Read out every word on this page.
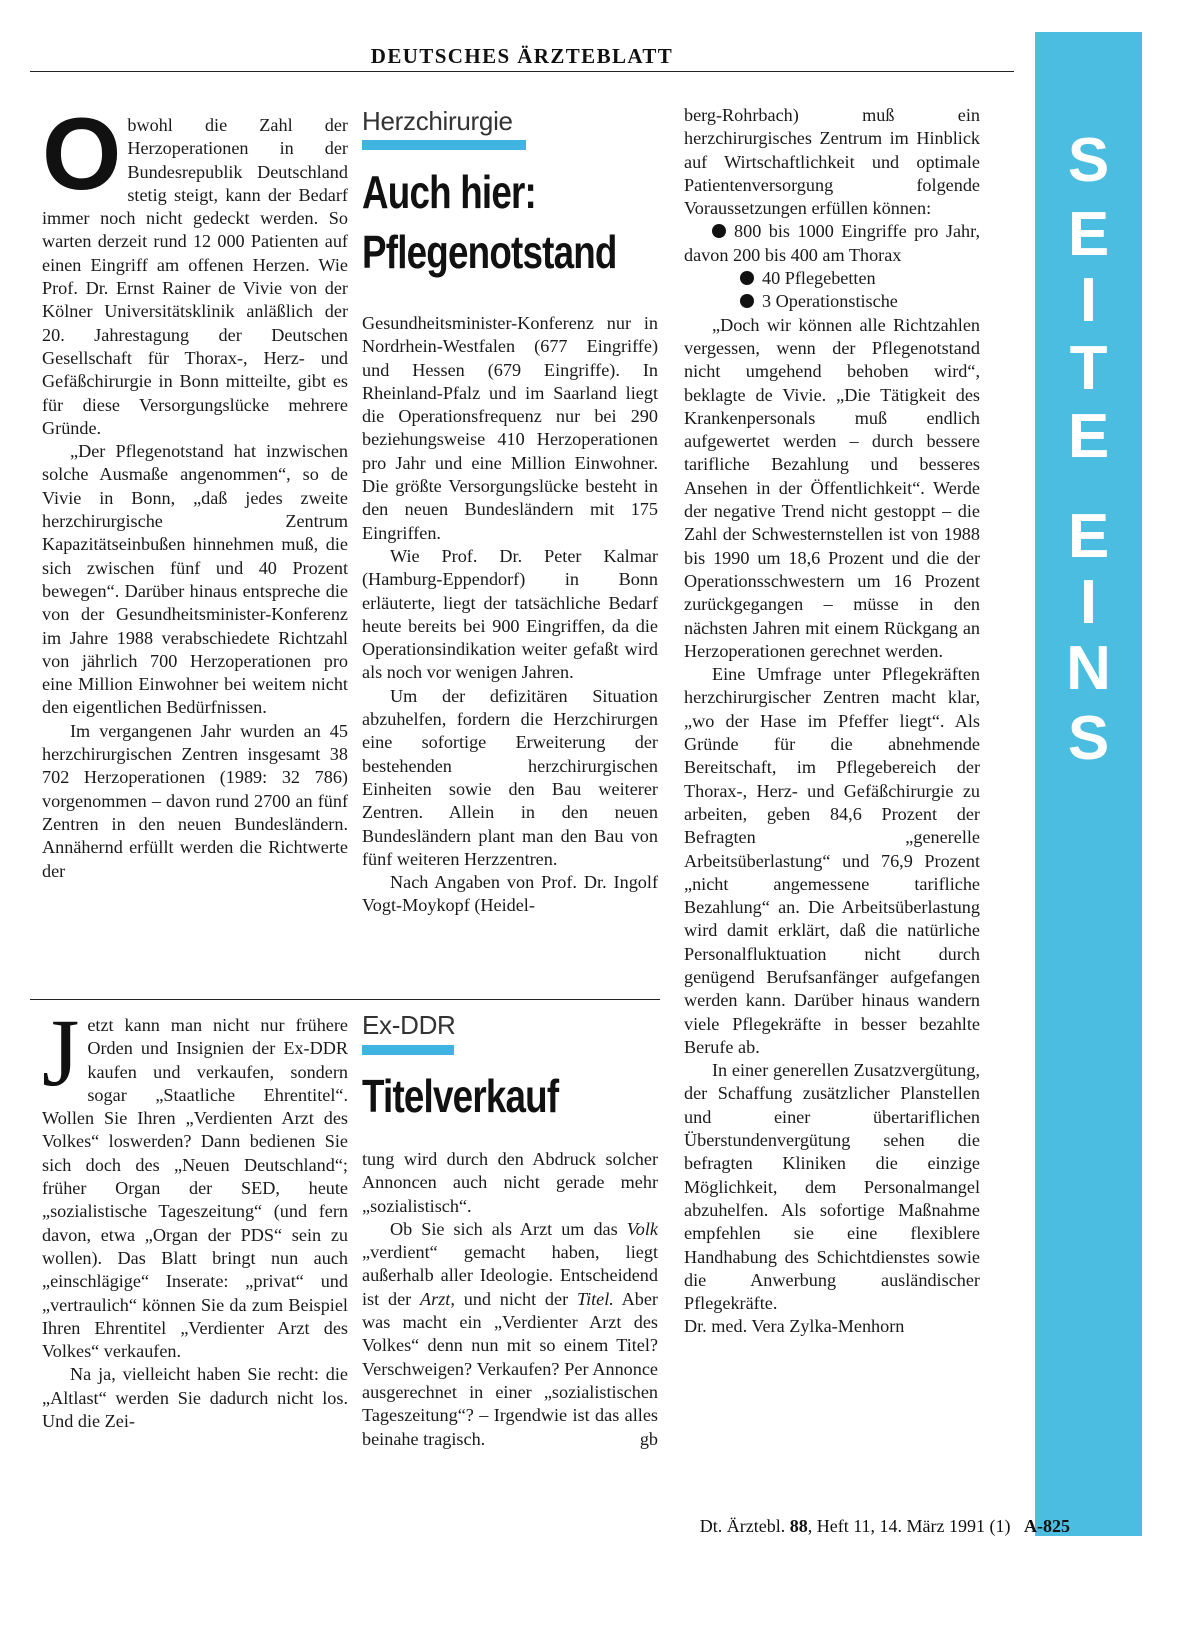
DEUTSCHES ÄRZTEBLATT
S
E
I
T
E
E
I
N
S

Obwohl die Zahl der Herzoperationen in der Bundesrepublik Deutschland stetig steigt, kann der Bedarf immer noch nicht gedeckt werden. So warten derzeit rund 12 000 Patienten auf einen Eingriff am offenen Herzen. Wie Prof. Dr. Ernst Rainer de Vivie von der Kölner Universitätsklinik anläßlich der 20. Jahrestagung der Deutschen Gesellschaft für Thorax-, Herz- und Gefäßchirurgie in Bonn mitteilte, gibt es für diese Versorgungslücke mehrere Gründe.

„Der Pflegenotstand hat inzwischen solche Ausmaße angenommen“, so de Vivie in Bonn, „daß jedes zweite herzchirurgische Zentrum Kapazitätseinbußen hinnehmen muß, die sich zwischen fünf und 40 Prozent bewegen“. Darüber hinaus entspreche die von der Gesundheitsminister-Konferenz im Jahre 1988 verabschiedete Richtzahl von jährlich 700 Herzoperationen pro eine Million Einwohner bei weitem nicht den eigentlichen Bedürfnissen.

Im vergangenen Jahr wurden an 45 herzchirurgischen Zentren insgesamt 38 702 Herzoperationen (1989: 32 786) vorgenommen – davon rund 2700 an fünf Zentren in den neuen Bundesländern. Annähernd erfüllt werden die Richtwerte der

Herzchirurgie
Auch hier:
Pflegenotstand

Gesundheitsminister-Konferenz nur in Nordrhein-Westfalen (677 Eingriffe) und Hessen (679 Eingriffe). In Rheinland-Pfalz und im Saarland liegt die Operationsfrequenz nur bei 290 beziehungsweise 410 Herzoperationen pro Jahr und eine Million Einwohner. Die größte Versorgungslücke besteht in den neuen Bundesländern mit 175 Eingriffen.

Wie Prof. Dr. Peter Kalmar (Hamburg-Eppendorf) in Bonn erläuterte, liegt der tatsächliche Bedarf heute bereits bei 900 Eingriffen, da die Operationsindikation weiter gefaßt wird als noch vor wenigen Jahren.

Um der defizitären Situation abzuhelfen, fordern die Herzchirurgen eine sofortige Erweiterung der bestehenden herzchirurgischen Einheiten sowie den Bau weiterer Zentren. Allein in den neuen Bundesländern plant man den Bau von fünf weiteren Herzzentren.

Nach Angaben von Prof. Dr. Ingolf Vogt-Moykopf (Heidel-

berg-Rohrbach) muß ein herzchirurgisches Zentrum im Hinblick auf Wirtschaftlichkeit und optimale Patientenversorgung folgende Voraussetzungen erfüllen können:

800 bis 1000 Eingriffe pro Jahr, davon 200 bis 400 am Thorax

40 Pflegebetten

3 Operationstische

„Doch wir können alle Richtzahlen vergessen, wenn der Pflegenotstand nicht umgehend behoben wird“, beklagte de Vivie. „Die Tätigkeit des Krankenpersonals muß endlich aufgewertet werden – durch bessere tarifliche Bezahlung und besseres Ansehen in der Öffentlichkeit“. Werde der negative Trend nicht gestoppt – die Zahl der Schwesternstellen ist von 1988 bis 1990 um 18,6 Prozent und die der Operationsschwestern um 16 Prozent zurückgegangen – müsse in den nächsten Jahren mit einem Rückgang an Herzoperationen gerechnet werden.

Eine Umfrage unter Pflegekräften herzchirurgischer Zentren macht klar, „wo der Hase im Pfeffer liegt“. Als Gründe für die abnehmende Bereitschaft, im Pflegebereich der Thorax-, Herz- und Gefäßchirurgie zu arbeiten, geben 84,6 Prozent der Befragten „generelle Arbeitsüberlastung“ und 76,9 Prozent „nicht angemessene tarifliche Bezahlung“ an. Die Arbeitsüberlastung wird damit erklärt, daß die natürliche Personalfluktuation nicht durch genügend Berufsanfänger aufgefangen werden kann. Darüber hinaus wandern viele Pflegekräfte in besser bezahlte Berufe ab.

In einer generellen Zusatzvergütung, der Schaffung zusätzlicher Planstellen und einer übertariflichen Überstundenvergütung sehen die befragten Kliniken die einzige Möglichkeit, dem Personalmangel abzuhelfen. Als sofortige Maßnahme empfehlen sie eine flexiblere Handhabung des Schichtdienstes sowie die Anwerbung ausländischer Pflegekräfte.

Dr. med. Vera Zylka-Menhorn

Jetzt kann man nicht nur frühere Orden und Insignien der Ex-DDR kaufen und verkaufen, sondern sogar „Staatliche Ehrentitel“. Wollen Sie Ihren „Verdienten Arzt des Volkes“ loswerden? Dann bedienen Sie sich doch des „Neuen Deutschland“; früher Organ der SED, heute „sozialistische Tageszeitung“ (und fern davon, etwa „Organ der PDS“ sein zu wollen). Das Blatt bringt nun auch „einschlägige“ Inserate: „privat“ und „vertraulich“ können Sie da zum Beispiel Ihren Ehrentitel „Verdienter Arzt des Volkes“ verkaufen.

Na ja, vielleicht haben Sie recht: die „Altlast“ werden Sie dadurch nicht los. Und die Zei-

Ex-DDR
Titelverkauf

tung wird durch den Abdruck solcher Annoncen auch nicht gerade mehr „sozialistisch“.

Ob Sie sich als Arzt um das Volk „verdient“ gemacht haben, liegt außerhalb aller Ideologie. Entscheidend ist der Arzt, und nicht der Titel. Aber was macht ein „Verdienter Arzt des Volkes“ denn nun mit so einem Titel? Verschweigen? Verkaufen? Per Annonce ausgerechnet in einer „sozialistischen Tageszeitung“? – Irgendwie ist das alles beinahe tragisch.	gb

Dt. Ärztebl. 88, Heft 11, 14. März 1991 (1) A-825
